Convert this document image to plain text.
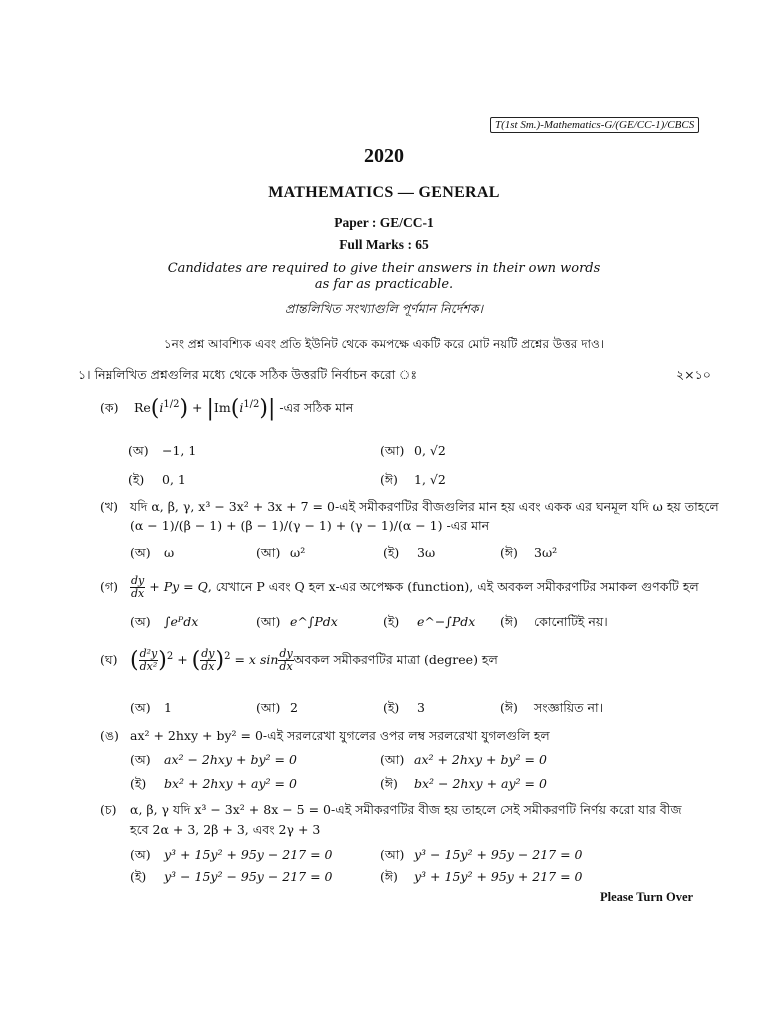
T(1st Sm.)-Mathematics-G/(GE/CC-1)/CBCS
2020
MATHEMATICS — GENERAL
Paper : GE/CC-1
Full Marks : 65
Candidates are required to give their answers in their own words
as far as practicable.
প্রান্তলিখিত সংখ্যাগুলি পূর্ণমান নির্দেশক।
১নং প্রশ্ন আবশ্যিক এবং প্রতি ইউনিট থেকে কমপক্ষে একটি করে মোট নয়টি প্রশ্নের উত্তর দাও।
১। নিম্নলিখিত প্রশ্নগুলির মধ্যে থেকে সঠিক উত্তরটি নির্বাচন করো ঃ	২×১০
(ক) $Re(i^{1/2}) + |Im(i^{1/2})|$ -এর সঠিক মান
(অ) −1, 1	(আ) 0, √2
(ই) 0, 1	(ঈ) 1, √2
(খ) যদি α, β, γ, x³ − 3x² + 3x + 7 = 0-এই সমীকরণটির বীজগুলির মান হয় এবং একক এর ঘনমূল যদি ω হয় তাহলে
(α − 1)/(β − 1) + (β − 1)/(γ − 1) + (γ − 1)/(α − 1) -এর মান
(অ) ω	(আ) ω²	(ই) 3ω	(ঈ) 3ω²
(গ) $\frac{dy}{dx} + Py = Q$, যেখানে P এবং Q হল x-এর অপেক্ষক (function), এই অবকল সমীকরণটির সমাকল গুণকটি হল
(অ) ∫eᴾdx	(আ) e^∫Pdx	(ই) e^−∫Pdx (ঈ) কোনোটিই নয়।
(ঘ) ( $\frac{\text{d²y}}{\text{dx²}} )^2$ + ( $\frac{dy}{dx} )^2 = x$ $\sin \frac{dy}{dx}$ অবকল সমীকরণটির মাত্রা (degree) হল
(অ) 1	(আ) 2	(ই) 3	(ঈ) সংজ্ঞায়িত না।
(ঙ) ax² + 2hxy + by² = 0-এই সরলরেখা যুগলের ওপর লম্ব সরলরেখা যুগলগুলি হল
(অ) ax² − 2hxy + by² = 0	(আ) ax² + 2hxy + by² = 0
(ই) bx² + 2hxy + ay² = 0	(ঈ) bx² − 2hxy + ay² = 0
(চ) α, β, γ যদি x³ − 3x² + 8x − 5 = 0-এই সমীকরণটির বীজ হয় তাহলে সেই সমীকরণটি নির্ণয় করো যার বীজ
হবে 2α + 3, 2β + 3, এবং 2γ + 3
(অ) y³ + 15y² + 95y − 217 = 0	(আ) y³ − 15y² + 95y − 217 = 0
(ই) y³ − 15y² − 95y − 217 = 0	(ঈ) y³ + 15y² + 95y + 217 = 0
Please Turn Over
